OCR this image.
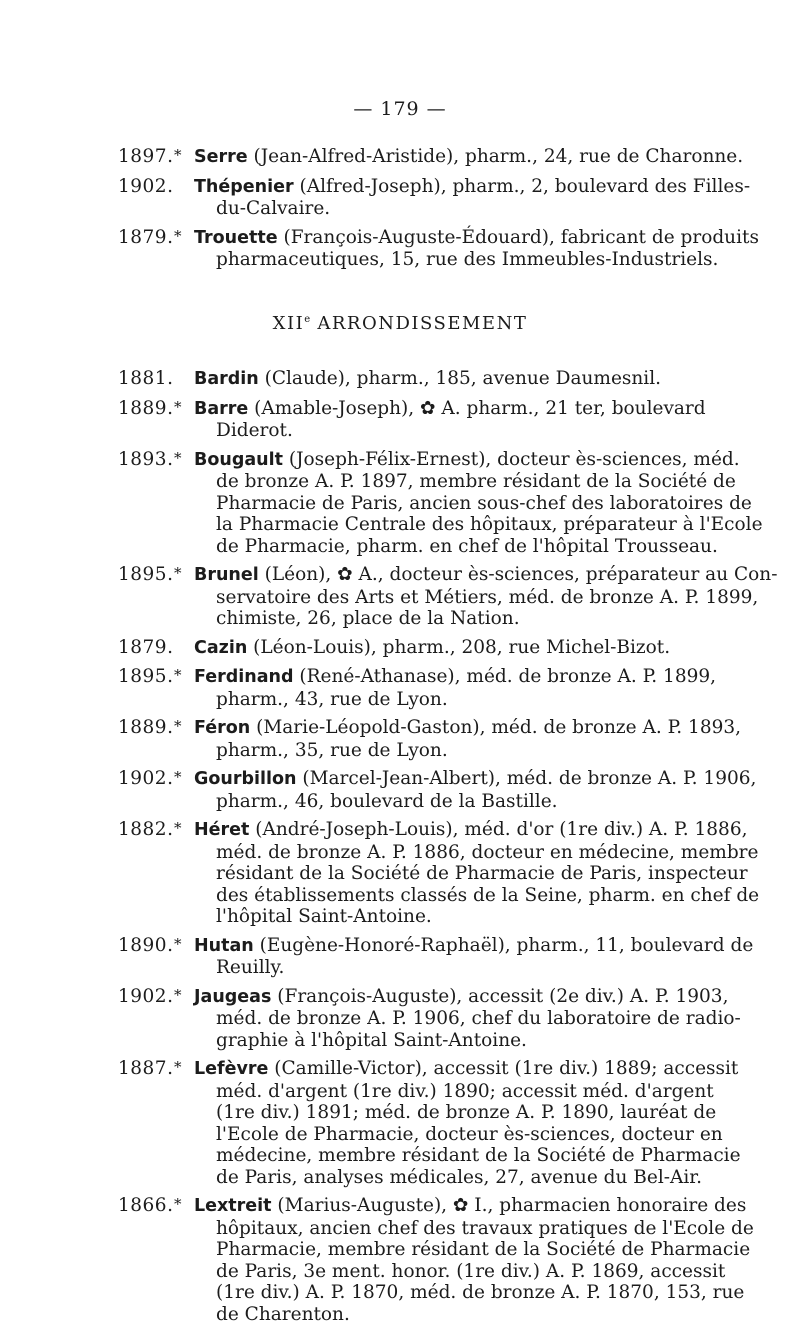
— 179 —
1897. * Serre (Jean-Alfred-Aristide), pharm., 24, rue de Charonne.
1902. Thépenier (Alfred-Joseph), pharm., 2, boulevard des Filles-
du-Calvaire.
1879. * Trouette (François-Auguste-Édouard), fabricant de produits
pharmaceutiques, 15, rue des Immeubles-Industriels.
XIIe ARRONDISSEMENT
1881. Bardin (Claude), pharm., 185, avenue Daumesnil.
1889. * Barre (Amable-Joseph), ✿ A. pharm., 21 ter, boulevard
Diderot.
1893. * Bougault (Joseph-Félix-Ernest), docteur ès-sciences, méd.
de bronze A. P. 1897, membre résidant de la Société de
Pharmacie de Paris, ancien sous-chef des laboratoires de
la Pharmacie Centrale des hôpitaux, préparateur à l'Ecole
de Pharmacie, pharm. en chef de l'hôpital Trousseau.
1895. * Brunel (Léon), ✿ A., docteur ès-sciences, préparateur au Con-
servatoire des Arts et Métiers, méd. de bronze A. P. 1899,
chimiste, 26, place de la Nation.
1879. Cazin (Léon-Louis), pharm., 208, rue Michel-Bizot.
1895. * Ferdinand (René-Athanase), méd. de bronze A. P. 1899,
pharm., 43, rue de Lyon.
1889. * Féron (Marie-Léopold-Gaston), méd. de bronze A. P. 1893,
pharm., 35, rue de Lyon.
1902. * Gourbillon (Marcel-Jean-Albert), méd. de bronze A. P. 1906,
pharm., 46, boulevard de la Bastille.
1882. * Héret (André-Joseph-Louis), méd. d'or (1re div.) A. P. 1886,
méd. de bronze A. P. 1886, docteur en médecine, membre
résidant de la Société de Pharmacie de Paris, inspecteur
des établissements classés de la Seine, pharm. en chef de
l'hôpital Saint-Antoine.
1890. * Hutan (Eugène-Honoré-Raphaël), pharm., 11, boulevard de
Reuilly.
1902. * Jaugeas (François-Auguste), accessit (2e div.) A. P. 1903,
méd. de bronze A. P. 1906, chef du laboratoire de radio-
graphie à l'hôpital Saint-Antoine.
1887. * Lefèvre (Camille-Victor), accessit (1re div.) 1889; accessit
méd. d'argent (1re div.) 1890; accessit méd. d'argent
(1re div.) 1891; méd. de bronze A. P. 1890, lauréat de
l'Ecole de Pharmacie, docteur ès-sciences, docteur en
médecine, membre résidant de la Société de Pharmacie
de Paris, analyses médicales, 27, avenue du Bel-Air.
1866. * Lextreit (Marius-Auguste), ✿ I., pharmacien honoraire des
hôpitaux, ancien chef des travaux pratiques de l'Ecole de
Pharmacie, membre résidant de la Société de Pharmacie
de Paris, 3e ment. honor. (1re div.) A. P. 1869, accessit
(1re div.) A. P. 1870, méd. de bronze A. P. 1870, 153, rue
de Charenton.
